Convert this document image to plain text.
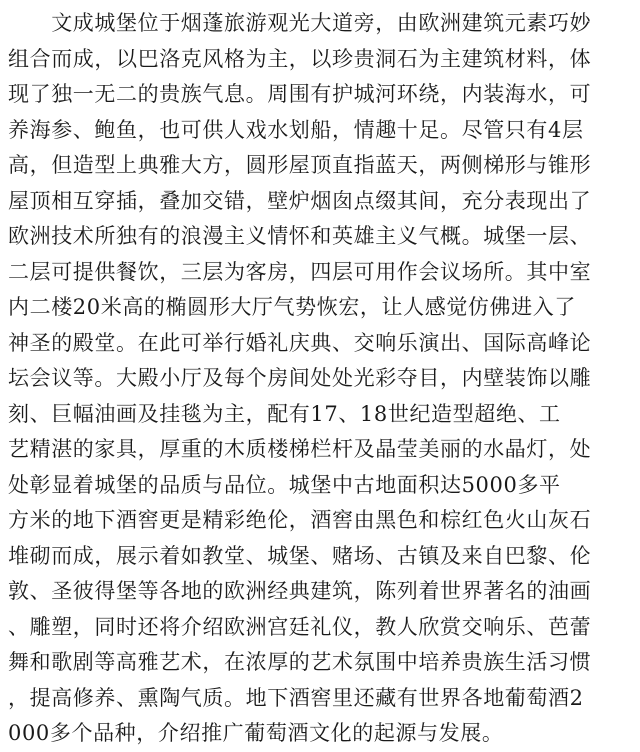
　　文成城堡位于烟蓬旅游观光大道旁，由欧洲建筑元素巧妙
组合而成，以巴洛克风格为主，以珍贵洞石为主建筑材料，体
现了独一无二的贵族气息。周围有护城河环绕，内装海水，可
养海参、鲍鱼，也可供人戏水划船，情趣十足。尽管只有4层
高，但造型上典雅大方，圆形屋顶直指蓝天，两侧梯形与锥形
屋顶相互穿插，叠加交错，壁炉烟囱点缀其间，充分表现出了
欧洲技术所独有的浪漫主义情怀和英雄主义气概。城堡一层、
二层可提供餐饮，三层为客房，四层可用作会议场所。其中室
内二楼20米高的椭圆形大厅气势恢宏，让人感觉仿佛进入了
神圣的殿堂。在此可举行婚礼庆典、交响乐演出、国际高峰论
坛会议等。大殿小厅及每个房间处处光彩夺目，内壁装饰以雕
刻、巨幅油画及挂毯为主，配有17、18世纪造型超绝、工
艺精湛的家具，厚重的木质楼梯栏杆及晶莹美丽的水晶灯，处
处彰显着城堡的品质与品位。城堡中古地面积达5000多平
方米的地下酒窖更是精彩绝伦，酒窖由黑色和棕红色火山灰石
堆砌而成，展示着如教堂、城堡、赌场、古镇及来自巴黎、伦
敦、圣彼得堡等各地的欧洲经典建筑，陈列着世界著名的油画
、雕塑，同时还将介绍欧洲宫廷礼仪，教人欣赏交响乐、芭蕾
舞和歌剧等高雅艺术，在浓厚的艺术氛围中培养贵族生活习惯
，提高修养、熏陶气质。地下酒窖里还藏有世界各地葡萄酒2
000多个品种，介绍推广葡萄酒文化的起源与发展。
